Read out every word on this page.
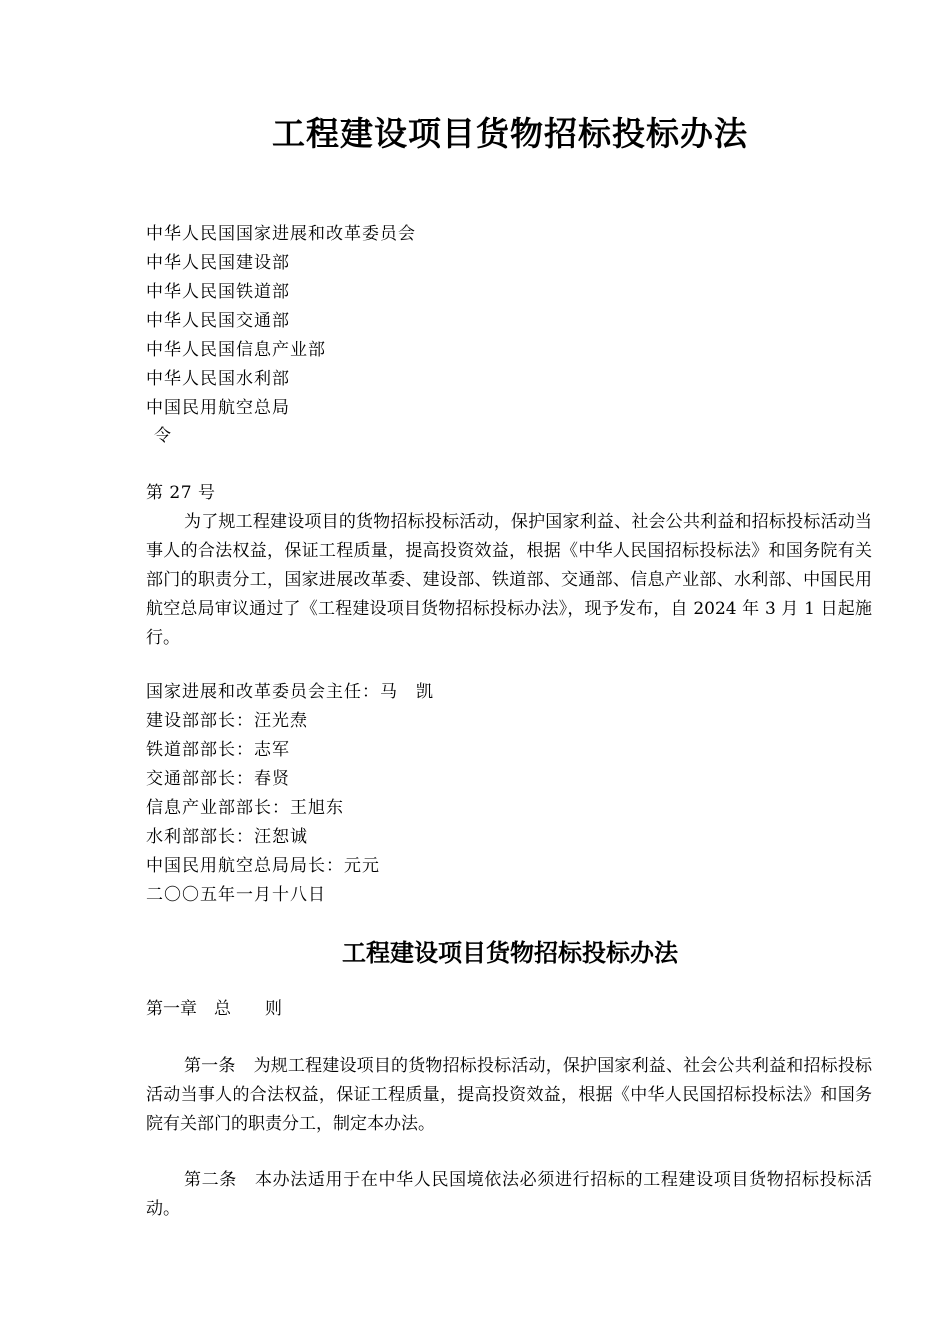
工程建设项目货物招标投标办法
中华人民国国家进展和改革委员会
中华人民国建设部
中华人民国铁道部
中华人民国交通部
中华人民国信息产业部
中华人民国水利部
中国民用航空总局
令
第 27 号

为了规工程建设项目的货物招标投标活动，保护国家利益、社会公共利益和招标投标活动当事人的合法权益，保证工程质量，提高投资效益，根据《中华人民国招标投标法》和国务院有关部门的职责分工，国家进展改革委、建设部、铁道部、交通部、信息产业部、水利部、中国民用航空总局审议通过了《工程建设项目货物招标投标办法》，现予发布，自 2024 年 3 月 1 日起施行。

国家进展和改革委员会主任：马　凯
建设部部长：汪光焘
铁道部部长：志军
交通部部长：春贤
信息产业部部长：王旭东
水利部部长：汪恕诚
中国民用航空总局局长：元元
二〇〇五年一月十八日
工程建设项目货物招标投标办法
第一章　总　　则

第一条 为规工程建设项目的货物招标投标活动，保护国家利益、社会公共利益和招标投标活动当事人的合法权益，保证工程质量，提高投资效益，根据《中华人民国招标投标法》和国务院有关部门的职责分工，制定本办法。

第二条 本办法适用于在中华人民国境依法必须进行招标的工程建设项目货物招标投标活动。
